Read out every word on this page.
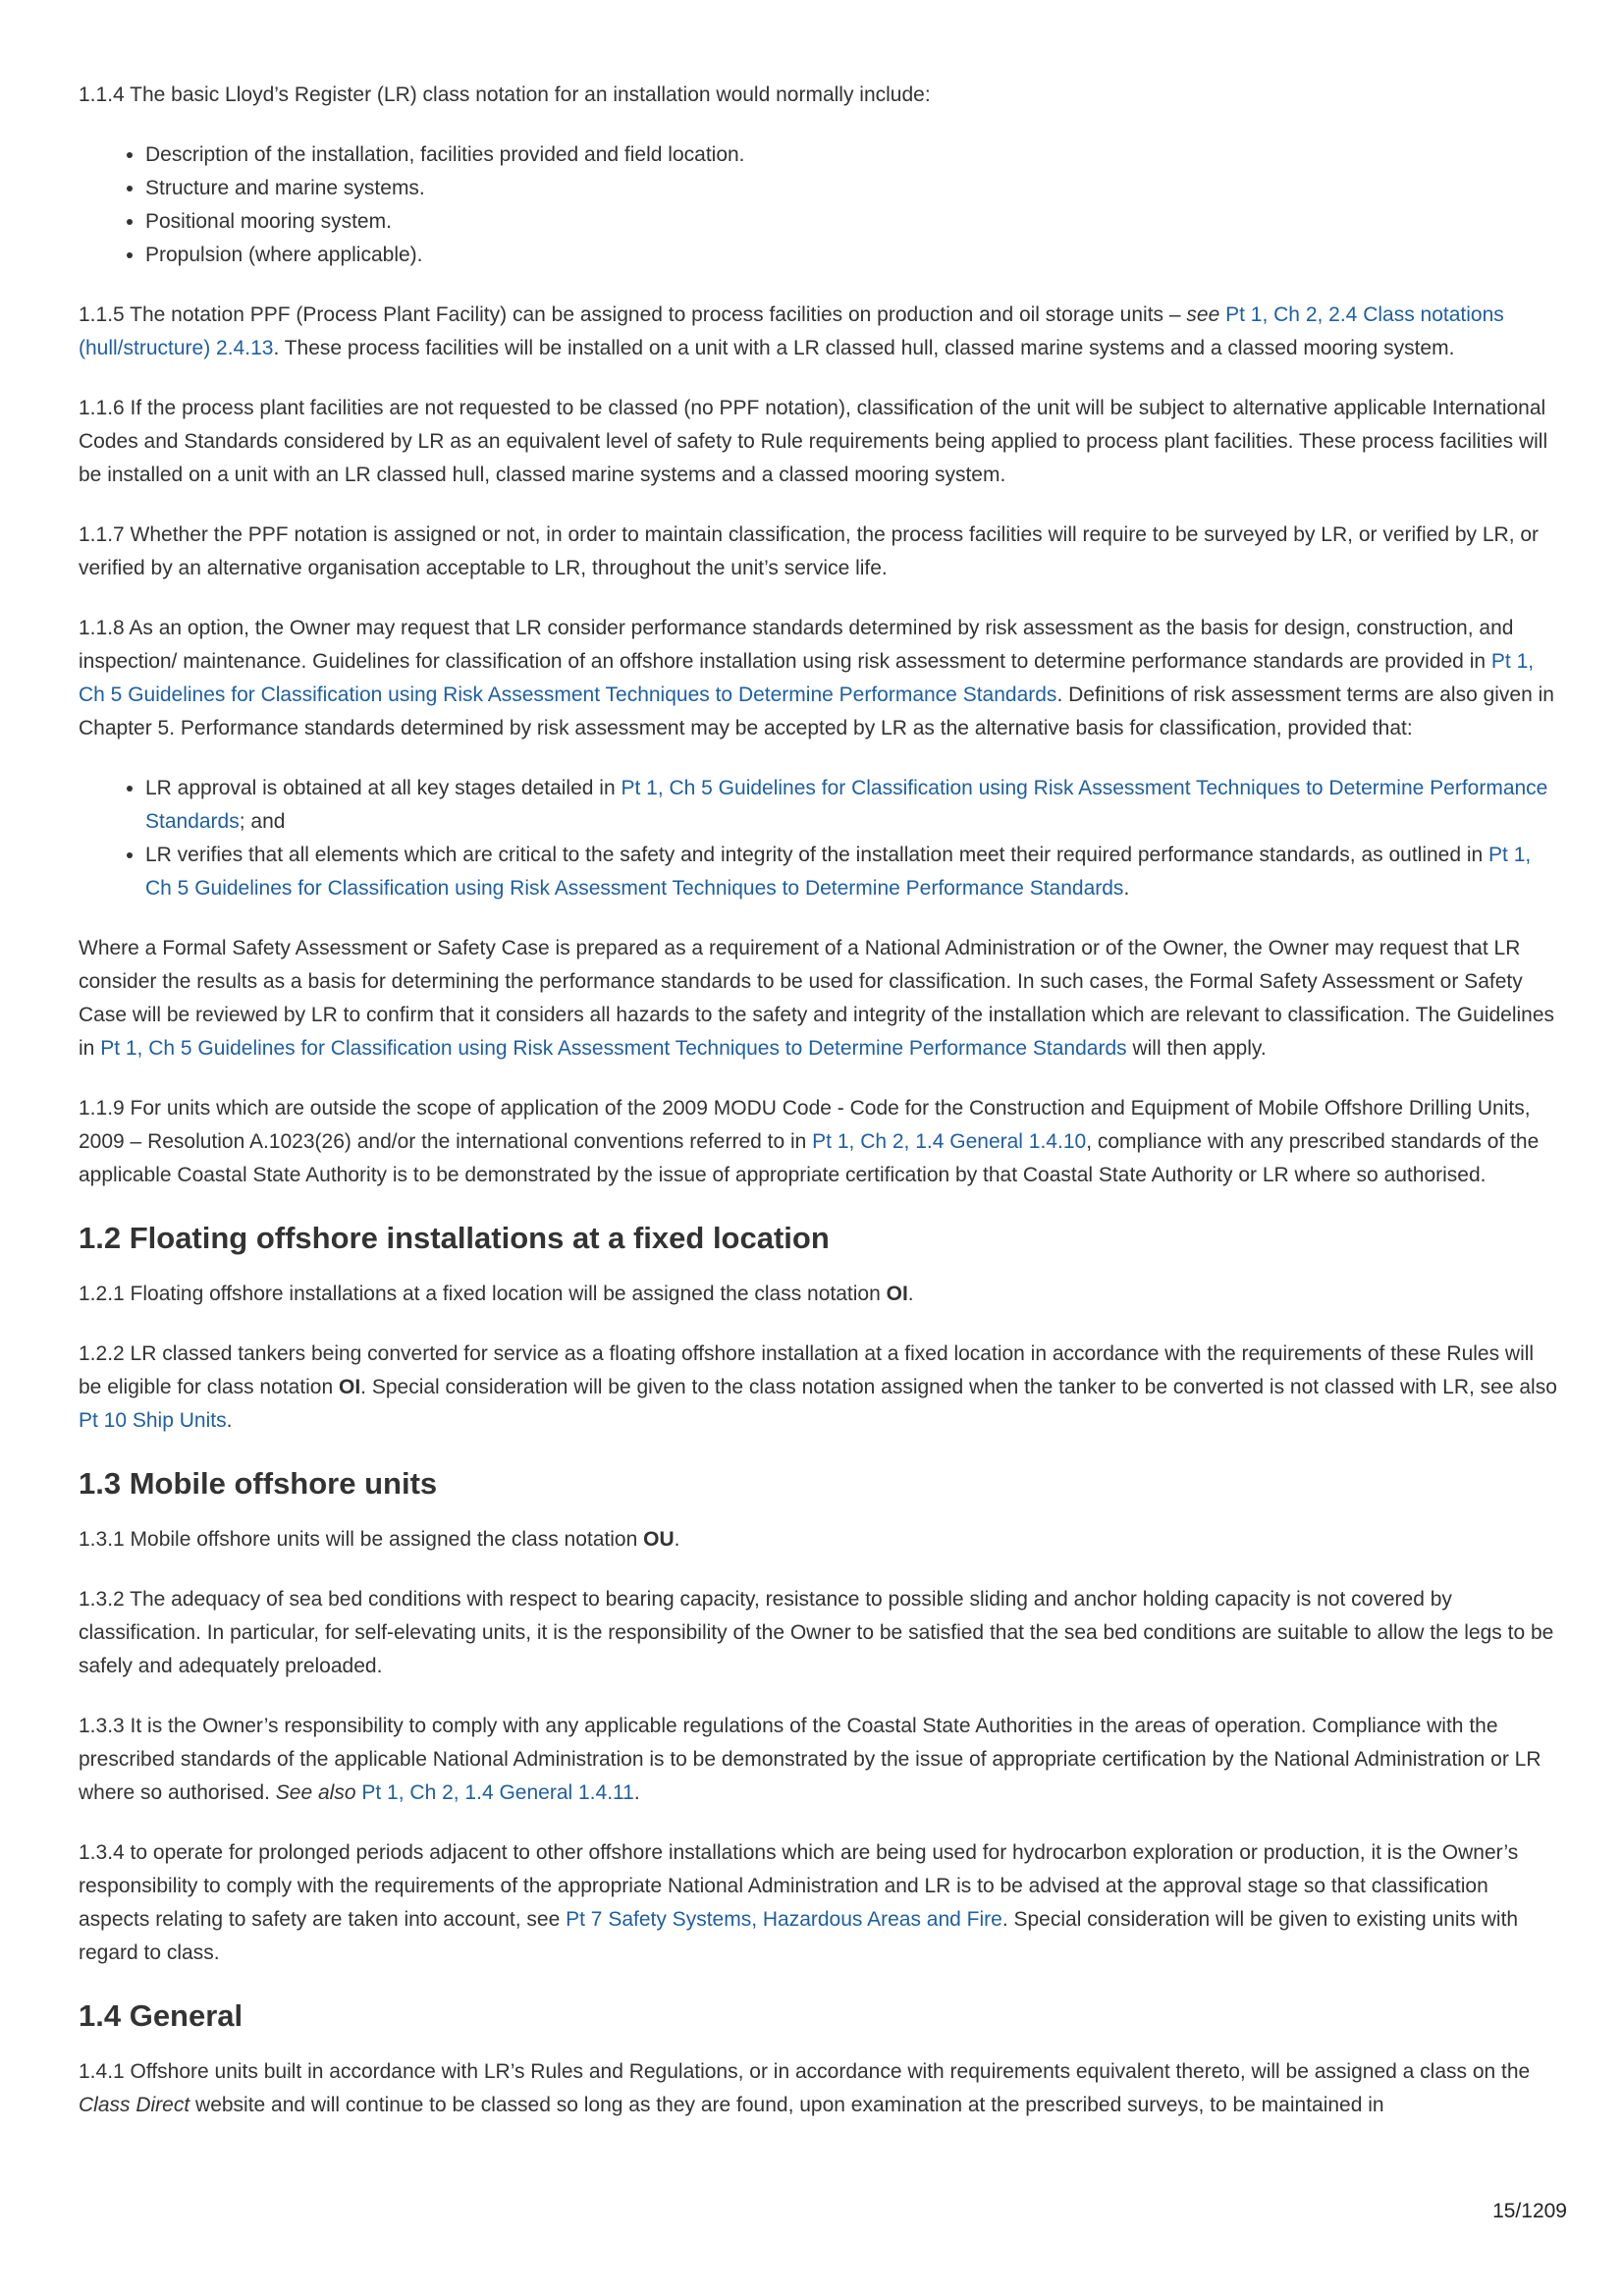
1.1.4 The basic Lloyd’s Register (LR) class notation for an installation would normally include:

• Description of the installation, facilities provided and field location.
• Structure and marine systems.
• Positional mooring system.
• Propulsion (where applicable).

1.1.5 The notation PPF (Process Plant Facility) can be assigned to process facilities on production and oil storage units – see Pt 1, Ch 2, 2.4 Class notations (hull/structure) 2.4.13. These process facilities will be installed on a unit with a LR classed hull, classed marine systems and a classed mooring system.

1.1.6 If the process plant facilities are not requested to be classed (no PPF notation), classification of the unit will be subject to alternative applicable International Codes and Standards considered by LR as an equivalent level of safety to Rule requirements being applied to process plant facilities. These process facilities will be installed on a unit with an LR classed hull, classed marine systems and a classed mooring system.

1.1.7 Whether the PPF notation is assigned or not, in order to maintain classification, the process facilities will require to be surveyed by LR, or verified by LR, or verified by an alternative organisation acceptable to LR, throughout the unit’s service life.

1.1.8 As an option, the Owner may request that LR consider performance standards determined by risk assessment as the basis for design, construction, and inspection/ maintenance. Guidelines for classification of an offshore installation using risk assessment to determine performance standards are provided in Pt 1, Ch 5 Guidelines for Classification using Risk Assessment Techniques to Determine Performance Standards. Definitions of risk assessment terms are also given in Chapter 5. Performance standards determined by risk assessment may be accepted by LR as the alternative basis for classification, provided that:

• LR approval is obtained at all key stages detailed in Pt 1, Ch 5 Guidelines for Classification using Risk Assessment Techniques to Determine Performance Standards; and
• LR verifies that all elements which are critical to the safety and integrity of the installation meet their required performance standards, as outlined in Pt 1, Ch 5 Guidelines for Classification using Risk Assessment Techniques to Determine Performance Standards.

Where a Formal Safety Assessment or Safety Case is prepared as a requirement of a National Administration or of the Owner, the Owner may request that LR consider the results as a basis for determining the performance standards to be used for classification. In such cases, the Formal Safety Assessment or Safety Case will be reviewed by LR to confirm that it considers all hazards to the safety and integrity of the installation which are relevant to classification. The Guidelines in Pt 1, Ch 5 Guidelines for Classification using Risk Assessment Techniques to Determine Performance Standards will then apply.

1.1.9 For units which are outside the scope of application of the 2009 MODU Code - Code for the Construction and Equipment of Mobile Offshore Drilling Units, 2009 – Resolution A.1023(26) and/or the international conventions referred to in Pt 1, Ch 2, 1.4 General 1.4.10, compliance with any prescribed standards of the applicable Coastal State Authority is to be demonstrated by the issue of appropriate certification by that Coastal State Authority or LR where so authorised.

1.2 Floating offshore installations at a fixed location

1.2.1 Floating offshore installations at a fixed location will be assigned the class notation OI.

1.2.2 LR classed tankers being converted for service as a floating offshore installation at a fixed location in accordance with the requirements of these Rules will be eligible for class notation OI. Special consideration will be given to the class notation assigned when the tanker to be converted is not classed with LR, see also Pt 10 Ship Units.

1.3 Mobile offshore units

1.3.1 Mobile offshore units will be assigned the class notation OU.

1.3.2 The adequacy of sea bed conditions with respect to bearing capacity, resistance to possible sliding and anchor holding capacity is not covered by classification. In particular, for self-elevating units, it is the responsibility of the Owner to be satisfied that the sea bed conditions are suitable to allow the legs to be safely and adequately preloaded.

1.3.3 It is the Owner’s responsibility to comply with any applicable regulations of the Coastal State Authorities in the areas of operation. Compliance with the prescribed standards of the applicable National Administration is to be demonstrated by the issue of appropriate certification by the National Administration or LR where so authorised. See also Pt 1, Ch 2, 1.4 General 1.4.11.

1.3.4 to operate for prolonged periods adjacent to other offshore installations which are being used for hydrocarbon exploration or production, it is the Owner’s responsibility to comply with the requirements of the appropriate National Administration and LR is to be advised at the approval stage so that classification aspects relating to safety are taken into account, see Pt 7 Safety Systems, Hazardous Areas and Fire. Special consideration will be given to existing units with regard to class.

1.4 General

1.4.1 Offshore units built in accordance with LR’s Rules and Regulations, or in accordance with requirements equivalent thereto, will be assigned a class on the Class Direct website and will continue to be classed so long as they are found, upon examination at the prescribed surveys, to be maintained in

15/1209
